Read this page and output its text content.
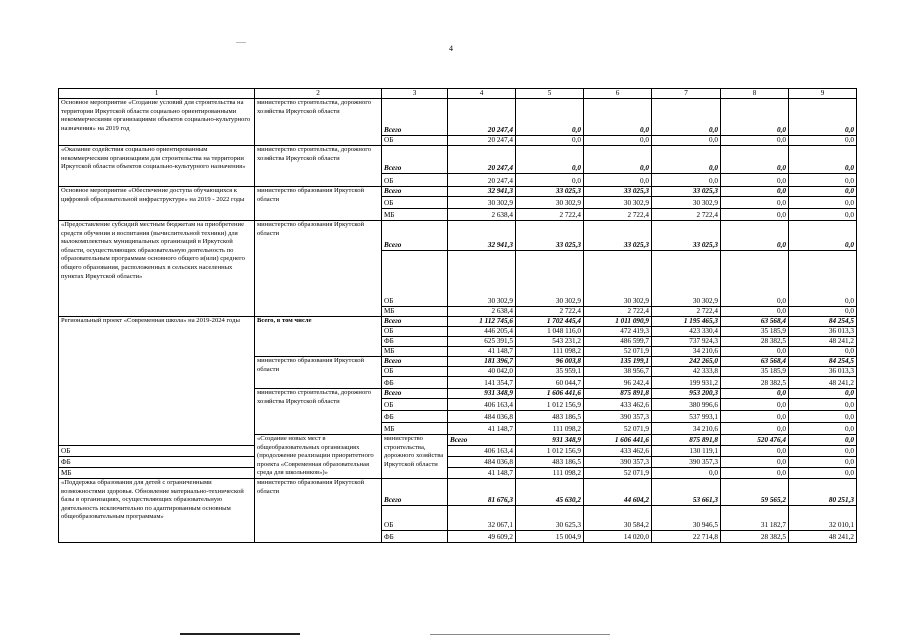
4
1	2	3	4	5	6	7	8	9	
Основное мероприятие «Создание условий для строительства на территории Иркутской области социально ориентированными некоммерческими организациями объектов социально-культурного назначения» на 2019 год	министерство строительства, дорожного хозяйства Иркутской области	Всего	20 247,4	0,0	0,0	0,0	0,0	0,0	
		ОБ	20 247,4	0,0	0,0	0,0	0,0	0,0	
«Оказание содействия социально ориентированным некоммерческим организациям для строительства на территории Иркутской области объектов социально-культурного назначения»	министерство строительства, дорожного хозяйства Иркутской области	Всего	20 247,4	0,0	0,0	0,0	0,0	0,0	
		ОБ	20 247,4	0,0	0,0	0,0	0,0	0,0	
Основное мероприятие «Обеспечение доступа обучающихся к цифровой образовательной инфраструктуре» на 2019 - 2022 годы	министерство образования Иркутской области	Всего	32 941,3	33 025,3	33 025,3	33 025,3	0,0	0,0	
		ОБ	30 302,9	30 302,9	30 302,9	30 302,9	0,0	0,0	
		МБ	2 638,4	2 722,4	2 722,4	2 722,4	0,0	0,0	
«Предоставление субсидий местным бюджетам на приобретение средств обучения и воспитания (вычислительной техники) для малокомплектных муниципальных организаций в Иркутской области, осуществляющих образовательную деятельность по образовательным программам основного общего и(или) среднего общего образования, расположенных в сельских населенных пунктах Иркутской области»	министерство образования Иркутской области	Всего	32 941,3	33 025,3	33 025,3	33 025,3	0,0	0,0	
		ОБ	30 302,9	30 302,9	30 302,9	30 302,9	0,0	0,0	
		МБ	2 638,4	2 722,4	2 722,4	2 722,4	0,0	0,0	
Региональный проект «Современная школа» на 2019-2024 годы	Всего, в том числе	Всего	1 112 745,6	1 702 445,4	1 011 090,9	1 195 465,3	63 568,4	84 254,5	
		ОБ	446 205,4	1 048 116,0	472 419,3	423 330,4	35 185,9	36 013,3	
		ФБ	625 391,5	543 231,2	486 599,7	737 924,3	28 382,5	48 241,2	
		МБ	41 148,7	111 098,2	52 071,9	34 210,6	0,0	0,0	
	министерство образования Иркутской области	Всего	181 396,7	96 003,8	135 199,1	242 265,0	63 568,4	84 254,5	
		ОБ	40 042,0	35 959,1	38 956,7	42 333,8	35 185,9	36 013,3	
		ФБ	141 354,7	60 044,7	96 242,4	199 931,2	28 382,5	48 241,2	
	министерство строительства, дорожного хозяйства Иркутской области	Всего	931 348,9	1 606 441,6	875 891,8	953 200,3	0,0	0,0	
		ОБ	406 163,4	1 012 156,9	433 462,6	380 996,6	0,0	0,0	
		ФБ	484 036,8	483 186,5	390 357,3	537 993,1	0,0	0,0	
		МБ	41 148,7	111 098,2	52 071,9	34 210,6	0,0	0,0	
	«Создание новых мест в общеобразовательных организациях (продолжение реализации приоритетного проекта «Современная образовательная среда для школьников»)»	министерство строительства, дорожного хозяйства Иркутской области	Всего	931 348,9	1 606 441,6	875 891,8	520 476,4	0,0	
ОБ			406 163,4	1 012 156,9	433 462,6	130 119,1	0,0	0,0	
ФБ			484 036,8	483 186,5	390 357,3	390 357,3	0,0	0,0	
МБ			41 148,7	111 098,2	52 071,9	0,0	0,0	0,0	
«Поддержка образования для детей с ограниченными возможностями здоровья. Обновление материально-технической базы в организациях, осуществляющих образовательную деятельность исключительно по адаптированным основным общеобразовательным программам»	министерство образования Иркутской области	Всего	81 676,3	45 630,2	44 604,2	53 661,3	59 565,2	80 251,3	
		ОБ	32 067,1	30 625,3	30 584,2	30 946,5	31 182,7	32 010,1	
		ФБ	49 609,2	15 004,9	14 020,0	22 714,8	28 382,5	48 241,2	
